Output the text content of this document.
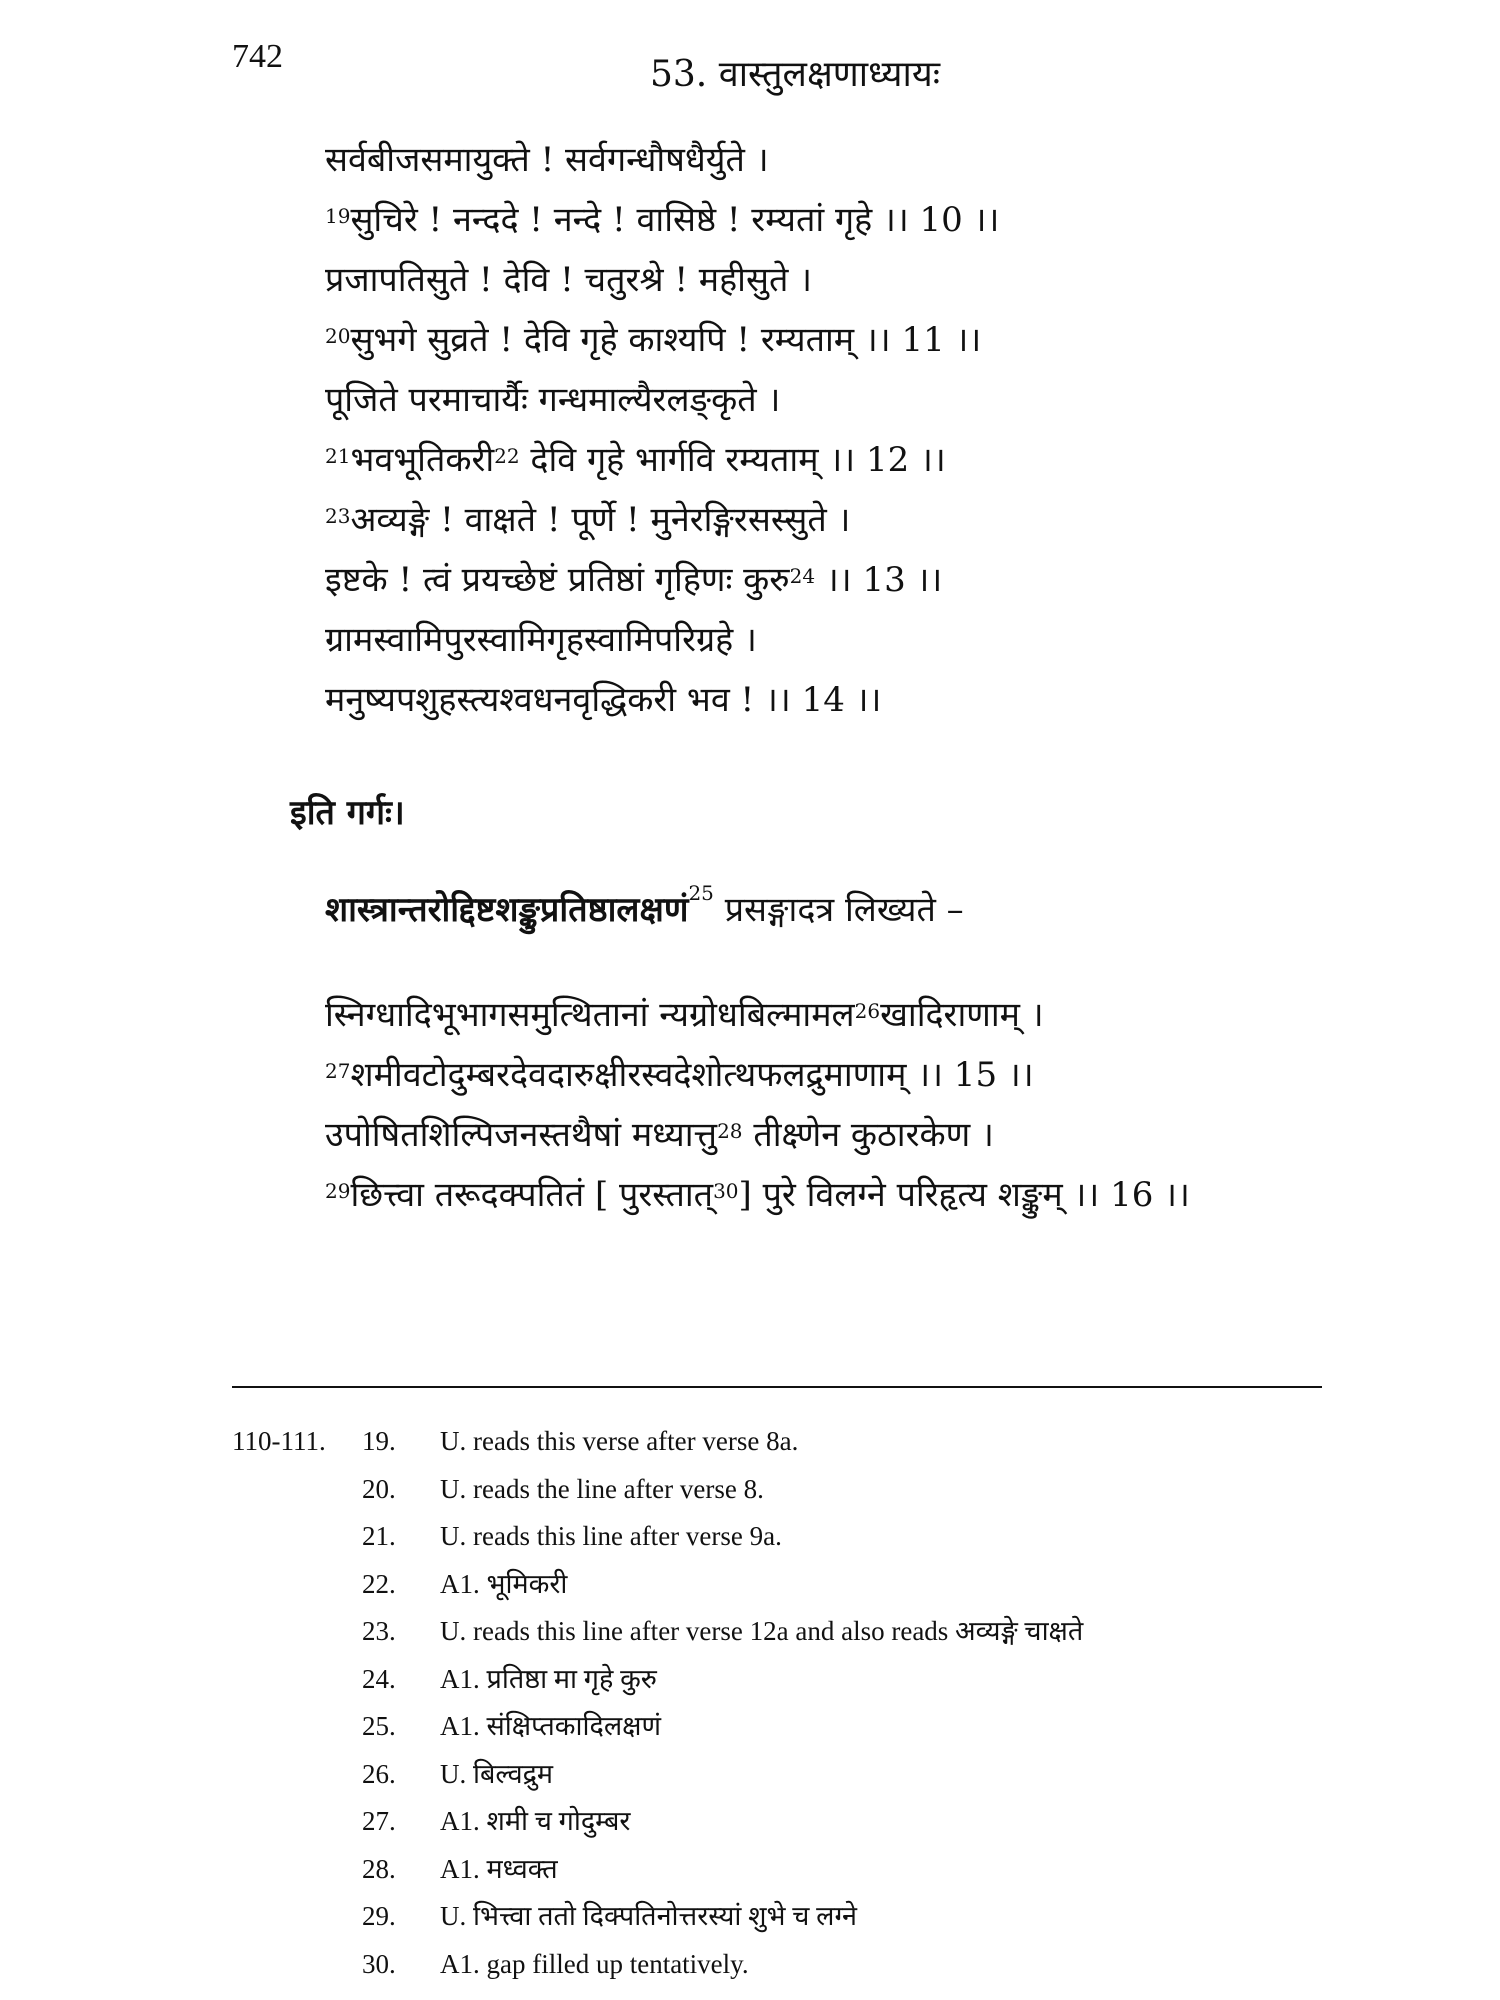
742	53. वास्तुलक्षणाध्यायः
सर्वबीजसमायुक्ते ! सर्वगन्धौषधैर्युते ।
$^{19}$सुचिरे ! नन्ददे ! नन्दे ! वासिष्ठे ! रम्यतां गृहे ।। 10 ।।
प्रजापतिसुते ! देवि ! चतुरश्रे ! महीसुते ।
$^{20}$सुभगे सुव्रते ! देवि गृहे काश्यपि ! रम्यताम् ।। 11 ।।
पूजिते परमाचार्यैः गन्धमाल्यैरलङ्कृते ।
$^{21}$भवभूतिकरी$^{22}$ देवि गृहे भार्गवि रम्यताम् ।। 12 ।।
$^{23}$अव्यङ्गे ! वाक्षते ! पूर्णे ! मुनेरङ्गिरसस्सुते ।
इष्टके ! त्वं प्रयच्छेष्टं प्रतिष्ठां गृहिणः कुरु$^{24}$ ।। 13 ।।
ग्रामस्वामिपुरस्वामिगृहस्वामिपरिग्रहे ।
मनुष्यपशुहस्त्यश्वधनवृद्धिकरी भव ! ।। 14 ।।
इति गर्गः।
शास्त्रान्तरोद्दिष्टशङ्कुप्रतिष्ठालक्षणं$^{25}$ प्रसङ्गादत्र लिख्यते –
स्निग्धादिभूभागसमुत्थितानां न्यग्रोधबिल्मामल$^{26}$खादिराणाम् ।
$^{27}$शमीवटोदुम्बरदेवदारुक्षीरस्वदेशोत्थफलद्रुमाणाम् ।। 15 ।।
उपोषितशिल्पिजनस्तथैषां मध्यात्तु$^{28}$ तीक्ष्णेन कुठारकेण ।
$^{29}$छित्त्वा तरूदक्पतितं [ पुरस्तात्$^{30}$] पुरे विलग्ने परिहृत्य शङ्कुम् ।। 16 ।।
110-111.	19.	U. reads this verse after verse 8a.
20.	U. reads the line after verse 8.
21.	U. reads this line after verse 9a.
22.	A1. भूमिकरी
23.	U. reads this line after verse 12a and also reads अव्यङ्गे चाक्षते
24.	A1. प्रतिष्ठा मा गृहे कुरु
25.	A1. संक्षिप्तकादिलक्षणं
26.	U. बिल्वद्रुम
27.	A1. शमी च गोदुम्बर
28.	A1. मध्वक्त
29.	U. भित्त्वा ततो दिक्पतिनोत्तरस्यां शुभे च लग्ने
30.	A1. gap filled up tentatively.
